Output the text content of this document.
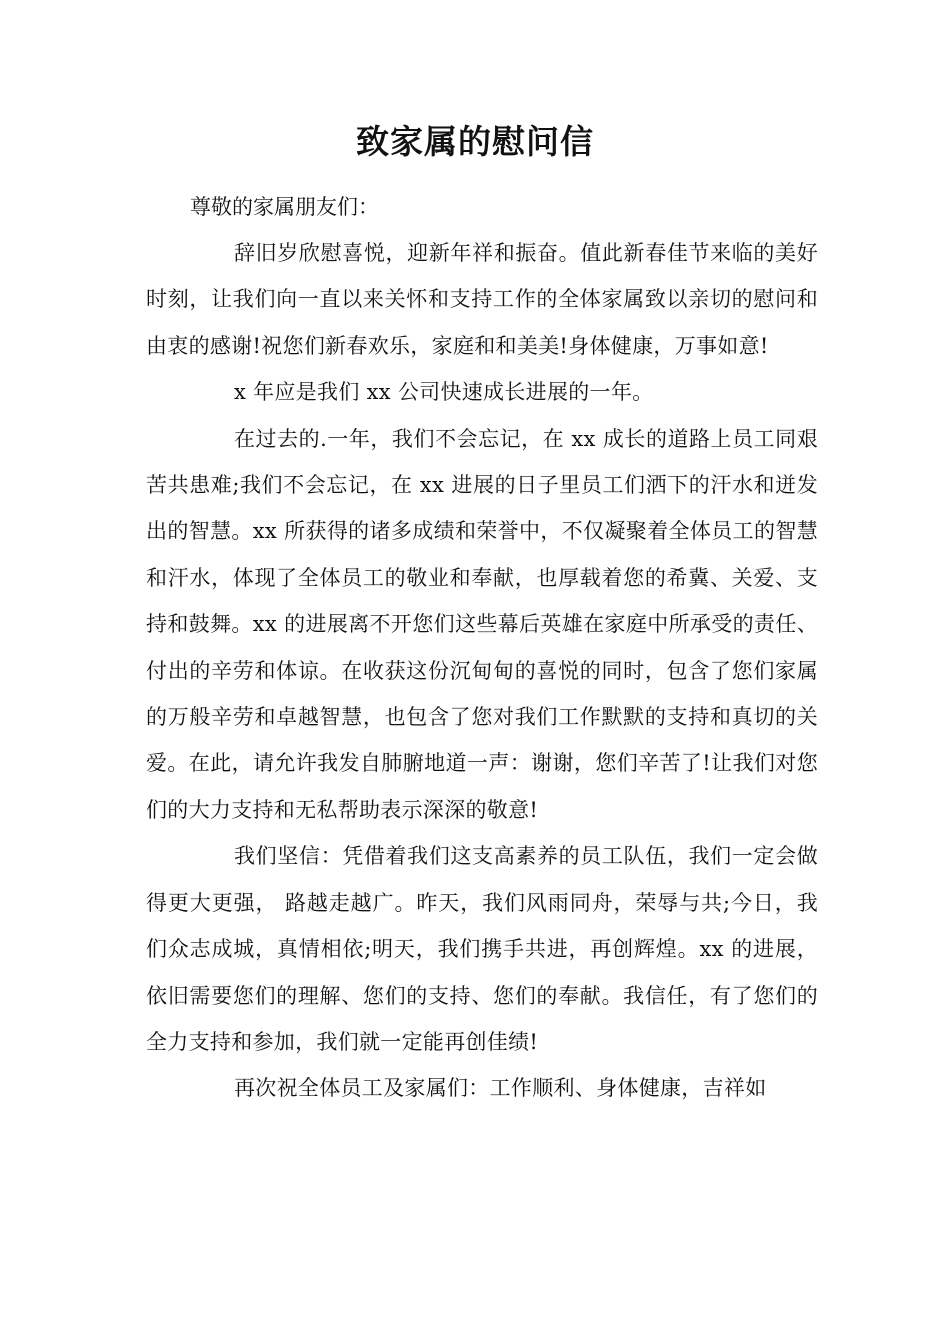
致家属的慰问信
尊敬的家属朋友们：

辞旧岁欣慰喜悦，迎新年祥和振奋。值此新春佳节来临的美好时刻，让我们向一直以来关怀和支持工作的全体家属致以亲切的慰问和由衷的感谢!祝您们新春欢乐，家庭和和美美!身体健康，万事如意!

x 年应是我们 xx 公司快速成长进展的一年。

在过去的.一年，我们不会忘记，在 xx 成长的道路上员工同艰苦共患难;我们不会忘记，在 xx 进展的日子里员工们洒下的汗水和迸发出的智慧。xx 所获得的诸多成绩和荣誉中，不仅凝聚着全体员工的智慧和汗水，体现了全体员工的敬业和奉献，也厚载着您的希冀、关爱、支持和鼓舞。xx 的进展离不开您们这些幕后英雄在家庭中所承受的责任、付出的辛劳和体谅。在收获这份沉甸甸的喜悦的同时，包含了您们家属的万般辛劳和卓越智慧，也包含了您对我们工作默默的支持和真切的关爱。在此，请允许我发自肺腑地道一声：谢谢，您们辛苦了!让我们对您们的大力支持和无私帮助表示深深的敬意!

我们坚信：凭借着我们这支高素养的员工队伍，我们一定会做得更大更强， 路越走越广。昨天，我们风雨同舟，荣辱与共;今日，我们众志成城，真情相依;明天，我们携手共进，再创辉煌。xx 的进展，依旧需要您们的理解、您们的支持、您们的奉献。我信任，有了您们的全力支持和参加，我们就一定能再创佳绩!

再次祝全体员工及家属们：工作顺利、身体健康，吉祥如
